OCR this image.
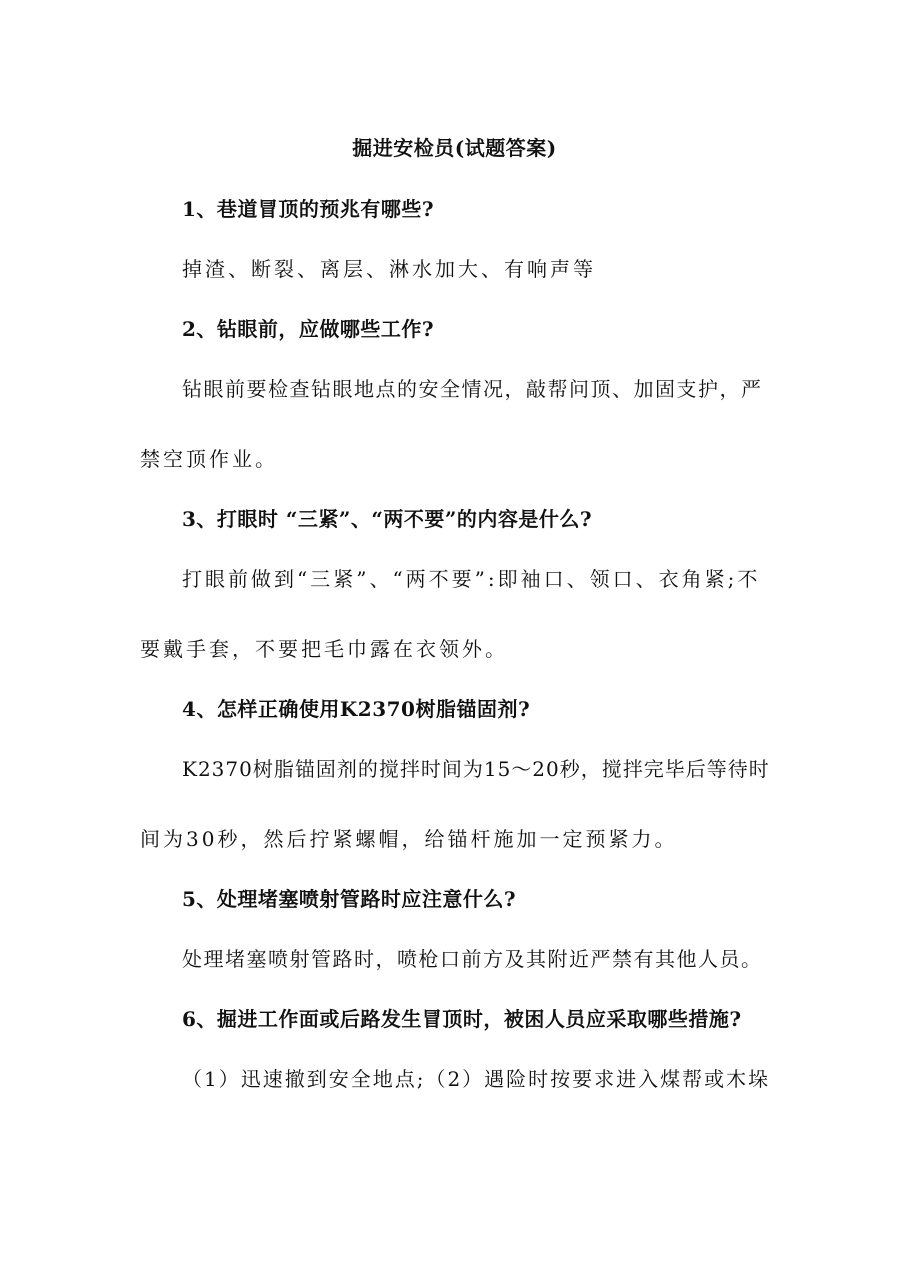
掘进安检员(试题答案)

1、巷道冒顶的预兆有哪些?

掉渣、断裂、离层、淋水加大、有响声等

2、钻眼前，应做哪些工作?

钻眼前要检查钻眼地点的安全情况，敲帮问顶、加固支护，严

禁空顶作业。

3、打眼时 “三紧”、“两不要”的内容是什么?

打眼前做到“三紧”、“两不要”:即袖口、领口、衣角紧;不

要戴手套，不要把毛巾露在衣领外。

4、怎样正确使用K2370树脂锚固剂?

K2370树脂锚固剂的搅拌时间为15～20秒，搅拌完毕后等待时

间为30秒，然后拧紧螺帽，给锚杆施加一定预紧力。

5、处理堵塞喷射管路时应注意什么?

处理堵塞喷射管路时，喷枪口前方及其附近严禁有其他人员。

6、掘进工作面或后路发生冒顶时，被困人员应采取哪些措施?

（1）迅速撤到安全地点;（2）遇险时按要求进入煤帮或木垛
